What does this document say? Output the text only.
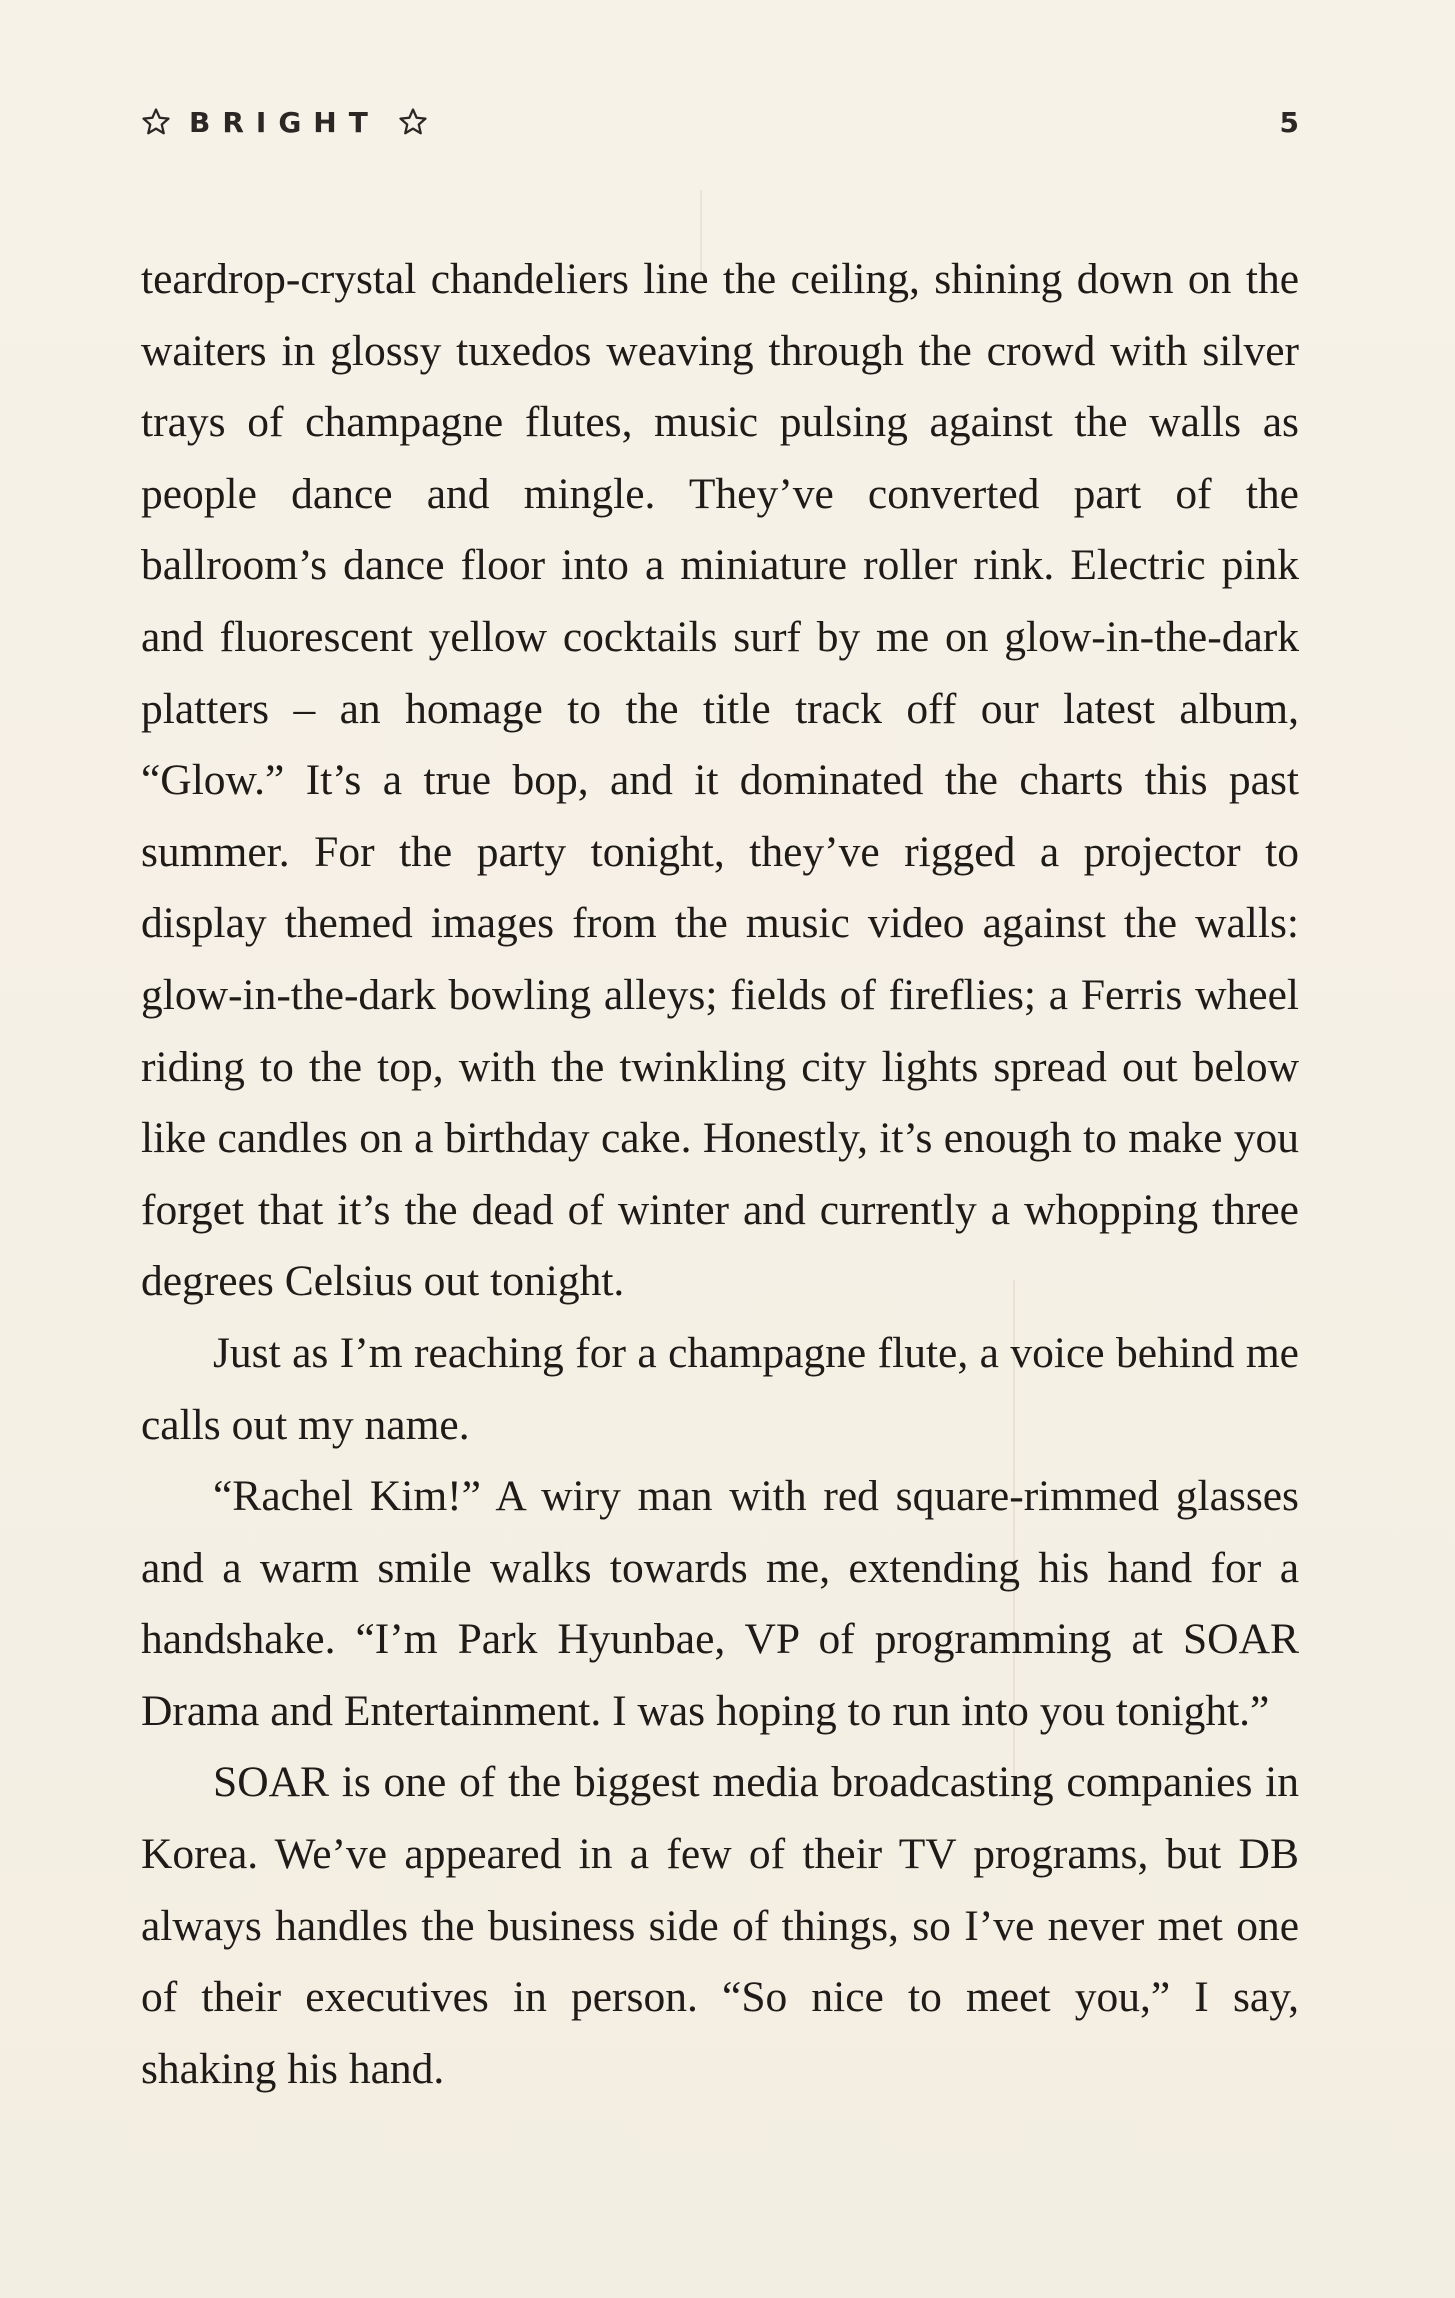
BRIGHT	5

teardrop-crystal chandeliers line the ceiling, shining down on the waiters in glossy tuxedos weaving through the crowd with silver trays of champagne flutes, music pulsing against the walls as people dance and mingle. They’ve converted part of the ballroom’s dance floor into a miniature roller rink. Electric pink and fluorescent yellow cocktails surf by me on glow-in-the-dark platters – an homage to the title track off our latest album, “Glow.” It’s a true bop, and it dominated the charts this past summer. For the party tonight, they’ve rigged a projector to display themed images from the music video against the walls: glow-in-the-dark bowling alleys; fields of fireflies; a Ferris wheel riding to the top, with the twinkling city lights spread out below like candles on a birthday cake. Honestly, it’s enough to make you forget that it’s the dead of winter and currently a whopping three degrees Celsius out tonight.

Just as I’m reaching for a champagne flute, a voice behind me calls out my name.

“Rachel Kim!” A wiry man with red square-rimmed glasses and a warm smile walks towards me, extending his hand for a handshake. “I’m Park Hyunbae, VP of programming at SOAR Drama and Entertainment. I was hoping to run into you tonight.”

SOAR is one of the biggest media broadcasting companies in Korea. We’ve appeared in a few of their TV programs, but DB always handles the business side of things, so I’ve never met one of their executives in person. “So nice to meet you,” I say, shaking his hand.
